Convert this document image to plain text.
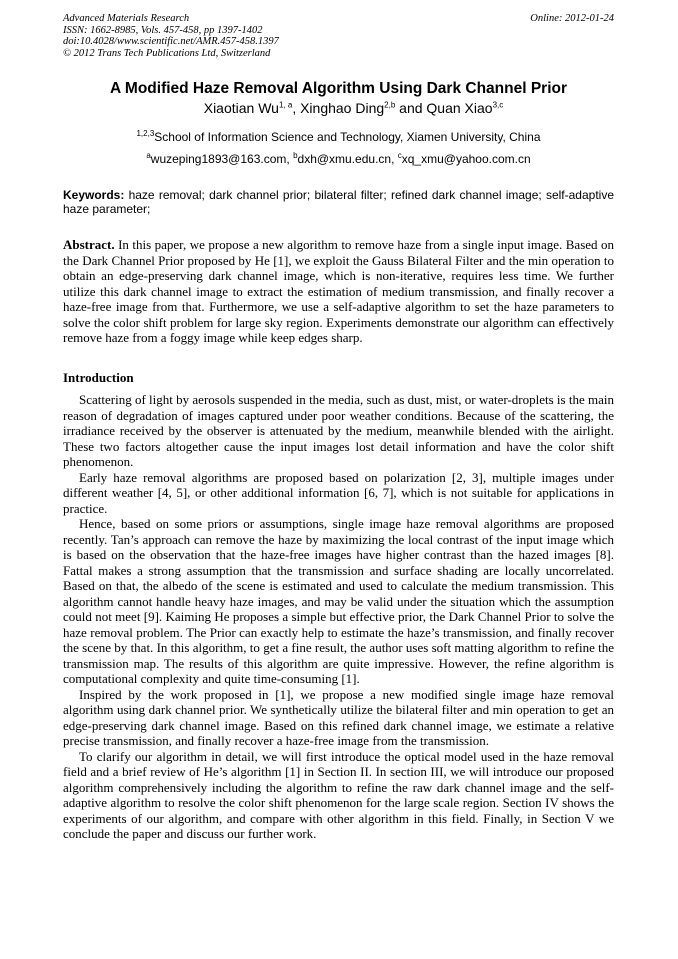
Advanced Materials Research
ISSN: 1662-8985, Vols. 457-458, pp 1397-1402
doi:10.4028/www.scientific.net/AMR.457-458.1397
© 2012 Trans Tech Publications Ltd, Switzerland
Online: 2012-01-24
A Modified Haze Removal Algorithm Using Dark Channel Prior
Xiaotian Wu$^{1, a}$, Xinghao Ding$^{2,b}$ and Quan Xiao$^{3,c}$
$^{1,2,3}$School of Information Science and Technology, Xiamen University, China
$^a$wuzeping1893@163.com, $^b$dxh@xmu.edu.cn, $^c$xq_xmu@yahoo.com.cn
Keywords: haze removal; dark channel prior; bilateral filter; refined dark channel image; self-adaptive haze parameter;
Abstract. In this paper, we propose a new algorithm to remove haze from a single input image. Based on the Dark Channel Prior proposed by He [1], we exploit the Gauss Bilateral Filter and the min operation to obtain an edge-preserving dark channel image, which is non-iterative, requires less time. We further utilize this dark channel image to extract the estimation of medium transmission, and finally recover a haze-free image from that. Furthermore, we use a self-adaptive algorithm to set the haze parameters to solve the color shift problem for large sky region. Experiments demonstrate our algorithm can effectively remove haze from a foggy image while keep edges sharp.
Introduction

Scattering of light by aerosols suspended in the media, such as dust, mist, or water-droplets is the main reason of degradation of images captured under poor weather conditions. Because of the scattering, the irradiance received by the observer is attenuated by the medium, meanwhile blended with the airlight. These two factors altogether cause the input images lost detail information and have the color shift phenomenon.

Early haze removal algorithms are proposed based on polarization [2, 3], multiple images under different weather [4, 5], or other additional information [6, 7], which is not suitable for applications in practice.

Hence, based on some priors or assumptions, single image haze removal algorithms are proposed recently. Tan’s approach can remove the haze by maximizing the local contrast of the input image which is based on the observation that the haze-free images have higher contrast than the hazed images [8]. Fattal makes a strong assumption that the transmission and surface shading are locally uncorrelated. Based on that, the albedo of the scene is estimated and used to calculate the medium transmission. This algorithm cannot handle heavy haze images, and may be valid under the situation which the assumption could not meet [9]. Kaiming He proposes a simple but effective prior, the Dark Channel Prior to solve the haze removal problem. The Prior can exactly help to estimate the haze’s transmission, and finally recover the scene by that. In this algorithm, to get a fine result, the author uses soft matting algorithm to refine the transmission map. The results of this algorithm are quite impressive. However, the refine algorithm is computational complexity and quite time-consuming [1].

Inspired by the work proposed in [1], we propose a new modified single image haze removal algorithm using dark channel prior. We synthetically utilize the bilateral filter and min operation to get an edge-preserving dark channel image. Based on this refined dark channel image, we estimate a relative precise transmission, and finally recover a haze-free image from the transmission.

To clarify our algorithm in detail, we will first introduce the optical model used in the haze removal field and a brief review of He’s algorithm [1] in Section II. In section III, we will introduce our proposed algorithm comprehensively including the algorithm to refine the raw dark channel image and the self-adaptive algorithm to resolve the color shift phenomenon for the large scale region. Section IV shows the experiments of our algorithm, and compare with other algorithm in this field. Finally, in Section V we conclude the paper and discuss our further work.
